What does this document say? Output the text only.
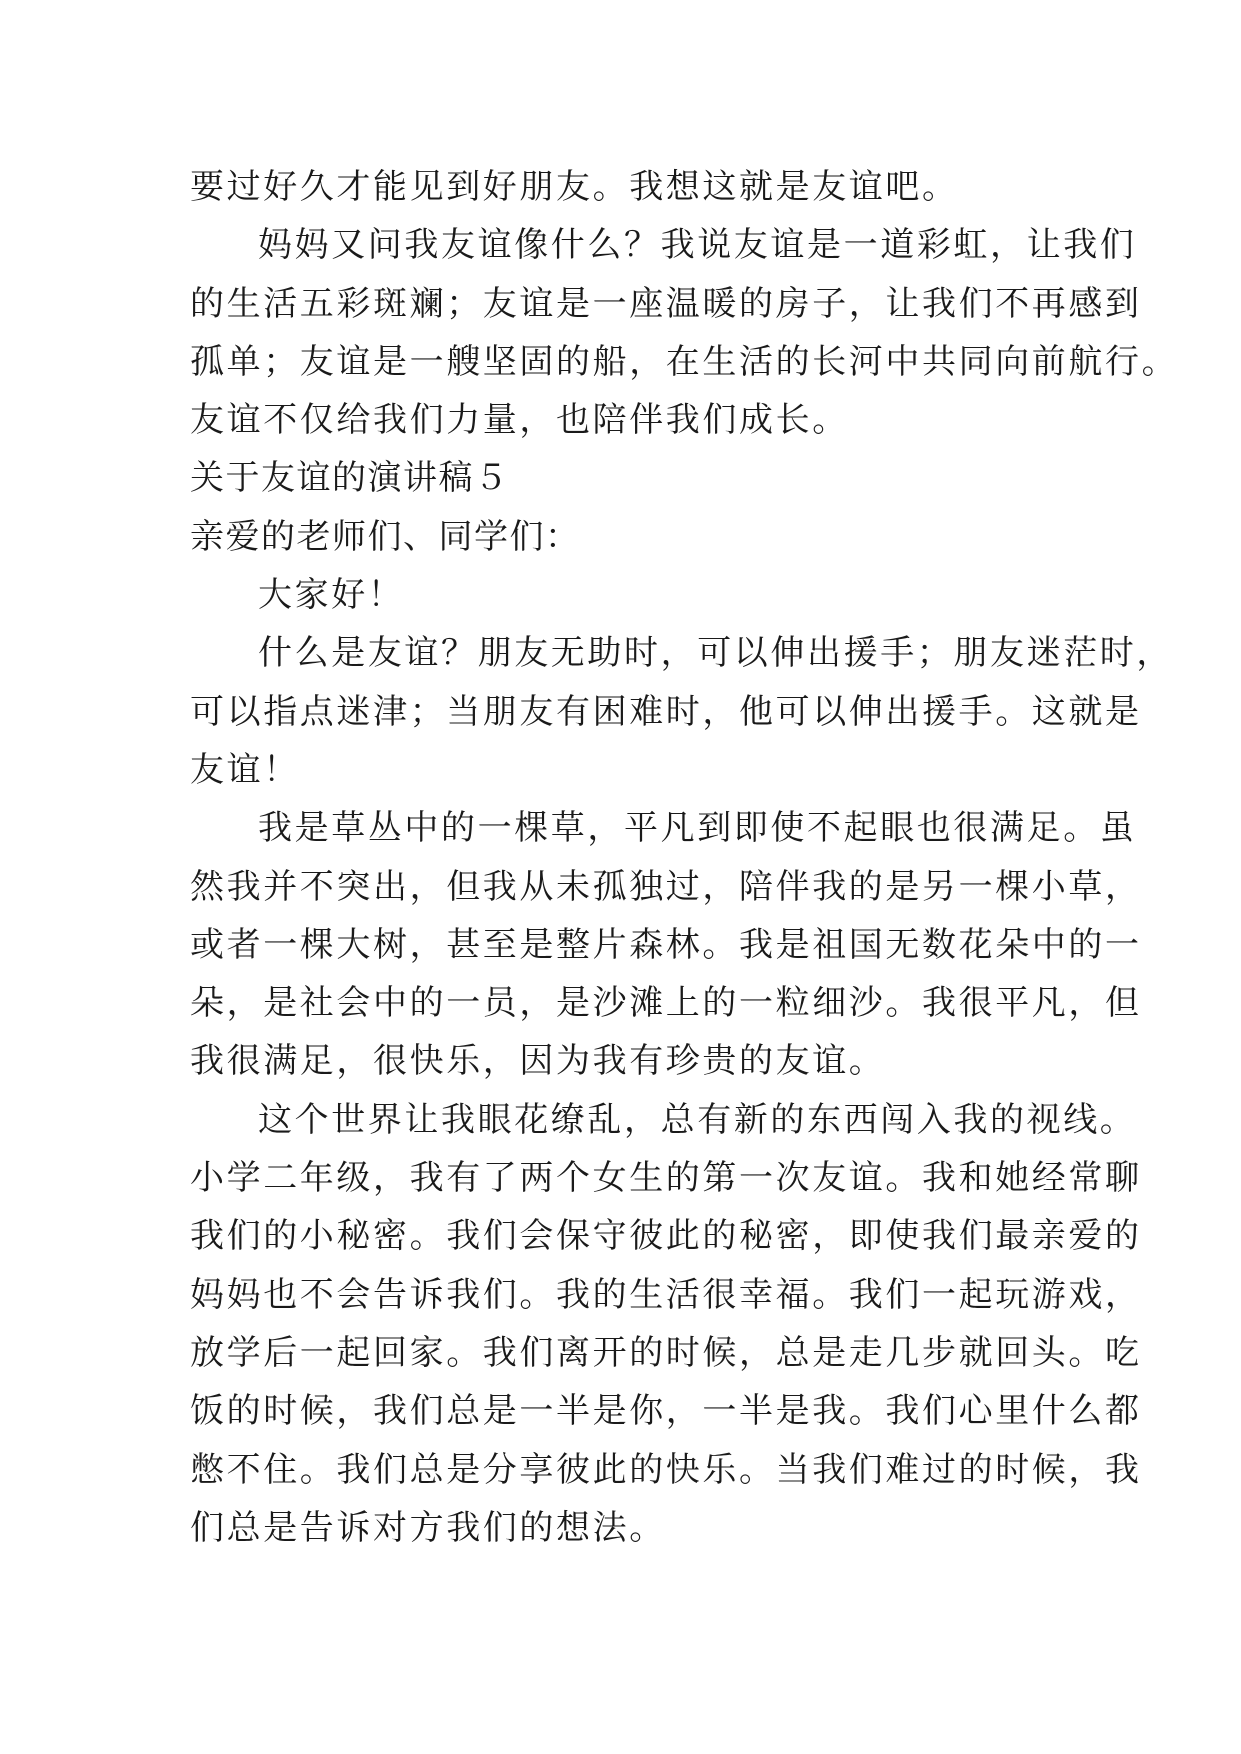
要过好久才能见到好朋友。我想这就是友谊吧。
妈妈又问我友谊像什么？我说友谊是一道彩虹，让我们
的生活五彩斑斓；友谊是一座温暖的房子，让我们不再感到
孤单；友谊是一艘坚固的船，在生活的长河中共同向前航行。
友谊不仅给我们力量，也陪伴我们成长。
关于友谊的演讲稿５
亲爱的老师们、同学们：
大家好！
什么是友谊？朋友无助时，可以伸出援手；朋友迷茫时，
可以指点迷津；当朋友有困难时，他可以伸出援手。这就是
友谊！
我是草丛中的一棵草，平凡到即使不起眼也很满足。虽
然我并不突出，但我从未孤独过，陪伴我的是另一棵小草，
或者一棵大树，甚至是整片森林。我是祖国无数花朵中的一
朵，是社会中的一员，是沙滩上的一粒细沙。我很平凡，但
我很满足，很快乐，因为我有珍贵的友谊。
这个世界让我眼花缭乱，总有新的东西闯入我的视线。
小学二年级，我有了两个女生的第一次友谊。我和她经常聊
我们的小秘密。我们会保守彼此的秘密，即使我们最亲爱的
妈妈也不会告诉我们。我的生活很幸福。我们一起玩游戏，
放学后一起回家。我们离开的时候，总是走几步就回头。吃
饭的时候，我们总是一半是你，一半是我。我们心里什么都
憋不住。我们总是分享彼此的快乐。当我们难过的时候，我
们总是告诉对方我们的想法。
